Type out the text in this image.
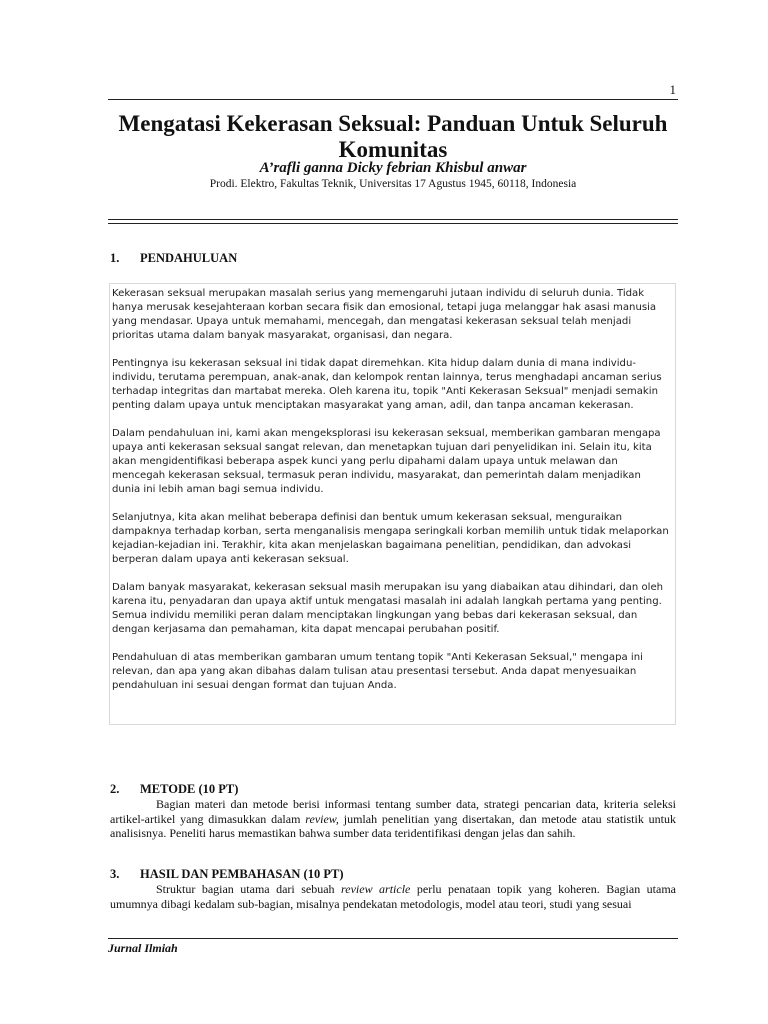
1
Mengatasi Kekerasan Seksual: Panduan Untuk Seluruh Komunitas
A’rafli ganna Dicky febrian Khisbul anwar
Prodi. Elektro, Fakultas Teknik, Universitas 17 Agustus 1945, 60118, Indonesia
1. PENDAHULUAN

Kekerasan seksual merupakan masalah serius yang memengaruhi jutaan individu di seluruh dunia. Tidak hanya merusak kesejahteraan korban secara fisik dan emosional, tetapi juga melanggar hak asasi manusia yang mendasar. Upaya untuk memahami, mencegah, dan mengatasi kekerasan seksual telah menjadi prioritas utama dalam banyak masyarakat, organisasi, dan negara.

Pentingnya isu kekerasan seksual ini tidak dapat diremehkan. Kita hidup dalam dunia di mana individu-individu, terutama perempuan, anak-anak, dan kelompok rentan lainnya, terus menghadapi ancaman serius terhadap integritas dan martabat mereka. Oleh karena itu, topik "Anti Kekerasan Seksual" menjadi semakin penting dalam upaya untuk menciptakan masyarakat yang aman, adil, dan tanpa ancaman kekerasan.

Dalam pendahuluan ini, kami akan mengeksplorasi isu kekerasan seksual, memberikan gambaran mengapa upaya anti kekerasan seksual sangat relevan, dan menetapkan tujuan dari penyelidikan ini. Selain itu, kita akan mengidentifikasi beberapa aspek kunci yang perlu dipahami dalam upaya untuk melawan dan mencegah kekerasan seksual, termasuk peran individu, masyarakat, dan pemerintah dalam menjadikan dunia ini lebih aman bagi semua individu.

Selanjutnya, kita akan melihat beberapa definisi dan bentuk umum kekerasan seksual, menguraikan dampaknya terhadap korban, serta menganalisis mengapa seringkali korban memilih untuk tidak melaporkan kejadian-kejadian ini. Terakhir, kita akan menjelaskan bagaimana penelitian, pendidikan, dan advokasi berperan dalam upaya anti kekerasan seksual.

Dalam banyak masyarakat, kekerasan seksual masih merupakan isu yang diabaikan atau dihindari, dan oleh karena itu, penyadaran dan upaya aktif untuk mengatasi masalah ini adalah langkah pertama yang penting. Semua individu memiliki peran dalam menciptakan lingkungan yang bebas dari kekerasan seksual, dan dengan kerjasama dan pemahaman, kita dapat mencapai perubahan positif.

Pendahuluan di atas memberikan gambaran umum tentang topik "Anti Kekerasan Seksual," mengapa ini relevan, dan apa yang akan dibahas dalam tulisan atau presentasi tersebut. Anda dapat menyesuaikan pendahuluan ini sesuai dengan format dan tujuan Anda.

2. METODE (10 PT)

Bagian materi dan metode berisi informasi tentang sumber data, strategi pencarian data, kriteria seleksi artikel-artikel yang dimasukkan dalam review, jumlah penelitian yang disertakan, dan metode atau statistik untuk analisisnya. Peneliti harus memastikan bahwa sumber data teridentifikasi dengan jelas dan sahih.

3. HASIL DAN PEMBAHASAN (10 PT)

Struktur bagian utama dari sebuah review article perlu penataan topik yang koheren. Bagian utama umumnya dibagi kedalam sub-bagian, misalnya pendekatan metodologis, model atau teori, studi yang sesuai

Jurnal Ilmiah
